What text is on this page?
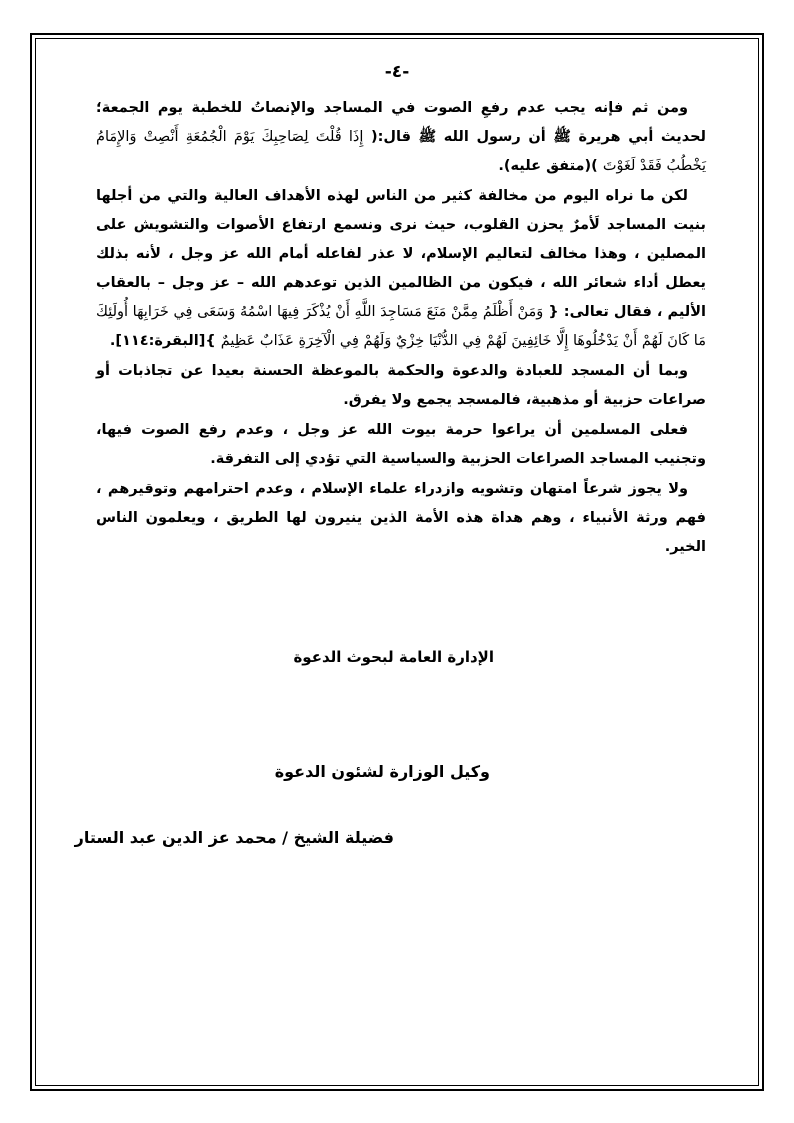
-٤-

ومن ثم فإنه يجب عدم رفعِ الصوت في المساجد والإنصاتُ للخطبة يوم الجمعة؛ لحديث أبي هريرة ﷺ أن رسول الله ﷺ قال:( إِذَا قُلْتَ لِصَاحِبِكَ يَوْمَ الْجُمُعَةِ أَنْصِتْ وَالإِمَامُ يَخْطُبُ فَقَدْ لَغَوْتَ )(متفق عليه).

لكن ما نراه اليوم من مخالفة كثير من الناس لهذه الأهداف العالية والتي من أجلها بنيت المساجد لَأمرٌ يحزن القلوب، حيث نرى ونسمع ارتفاع الأصوات والتشويش على المصلين ، وهذا مخالف لتعاليم الإسلام، لا عذر لفاعله أمام الله عز وجل ، لأنه بذلك يعطل أداء شعائر الله ، فيكون من الظالمين الذين توعدهم الله – عز وجل – بالعقاب الأليم ، فقال تعالى: { وَمَنْ أَظْلَمُ مِمَّنْ مَنَعَ مَسَاجِدَ اللَّهِ أَنْ يُذْكَرَ فِيهَا اسْمُهُ وَسَعَى فِي خَرَابِهَا أُولَئِكَ مَا كَانَ لَهُمْ أَنْ يَدْخُلُوهَا إِلَّا خَائِفِينَ لَهُمْ فِي الدُّنْيَا خِزْيٌ وَلَهُمْ فِي الْآخِرَةِ عَذَابٌ عَظِيمٌ }[البقرة:١١٤].

وبما أن المسجد للعبادة والدعوة والحكمة بالموعظة الحسنة بعيدا عن تجاذبات أو صراعات حزبية أو مذهبية، فالمسجد يجمع ولا يفرق.

فعلى المسلمين أن يراعوا حرمة بيوت الله عز وجل ، وعدم رفع الصوت فيها، وتجنيب المساجد الصراعات الحزبية والسياسية التي تؤدي إلى التفرقة.

ولا يجوز شرعاً امتهان وتشويه وازدراء علماء الإسلام ، وعدم احترامهم وتوقيرهم ، فهم ورثة الأنبياء ، وهم هداة هذه الأمة الذين ينيرون لها الطريق ، ويعلمون الناس الخير.

الإدارة العامة لبحوث الدعوة
وكيل الوزارة لشئون الدعوة
فضيلة الشيخ / محمد عز الدين عبد الستار
